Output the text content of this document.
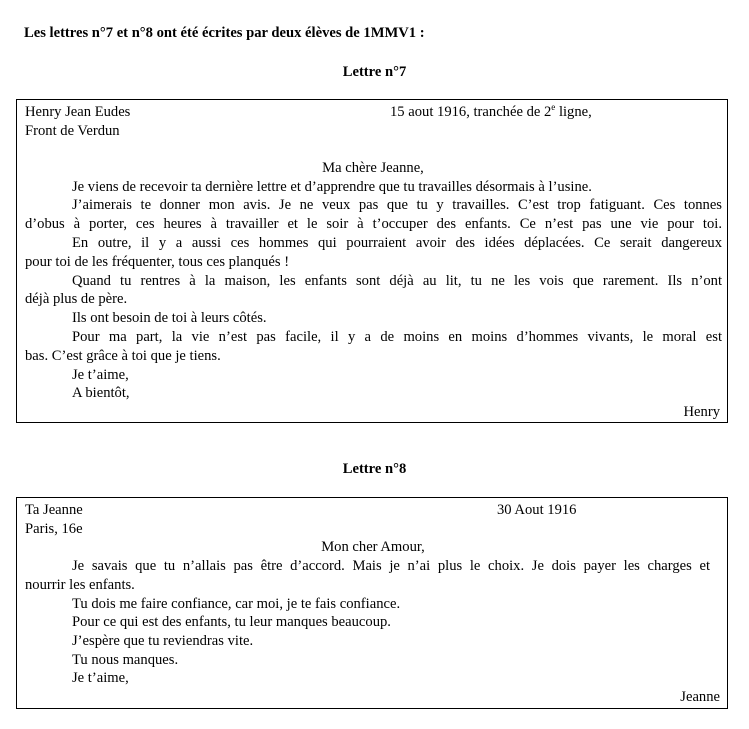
Les lettres n°7 et n°8 ont été écrites par deux élèves de 1MMV1 :
Lettre n°7
Henry Jean Eudes	15 aout 1916, tranchée de 2e ligne,
Front de Verdun
Ma chère Jeanne,
Je viens de recevoir ta dernière lettre et d’apprendre que tu travailles désormais à l’usine.
J’aimerais te donner mon avis. Je ne veux pas que tu y travailles. C’est trop fatiguant. Ces tonnes
d’obus à porter, ces heures à travailler et le soir à t’occuper des enfants. Ce n’est pas une vie pour toi.
En outre, il y a aussi ces hommes qui pourraient avoir des idées déplacées. Ce serait dangereux
pour toi de les fréquenter, tous ces planqués !
Quand tu rentres à la maison, les enfants sont déjà au lit, tu ne les vois que rarement. Ils n’ont
déjà plus de père.
Ils ont besoin de toi à leurs côtés.
Pour ma part, la vie n’est pas facile, il y a de moins en moins d’hommes vivants, le moral est
bas. C’est grâce à toi que je tiens.
Je t’aime,
A bientôt,
Henry
Lettre n°8
Ta Jeanne	30 Aout 1916
Paris, 16e
Mon cher Amour,
Je savais que tu n’allais pas être d’accord. Mais je n’ai plus le choix. Je dois payer les charges et
nourrir les enfants.
Tu dois me faire confiance, car moi, je te fais confiance.
Pour ce qui est des enfants, tu leur manques beaucoup.
J’espère que tu reviendras vite.
Tu nous manques.
Je t’aime,
Jeanne
